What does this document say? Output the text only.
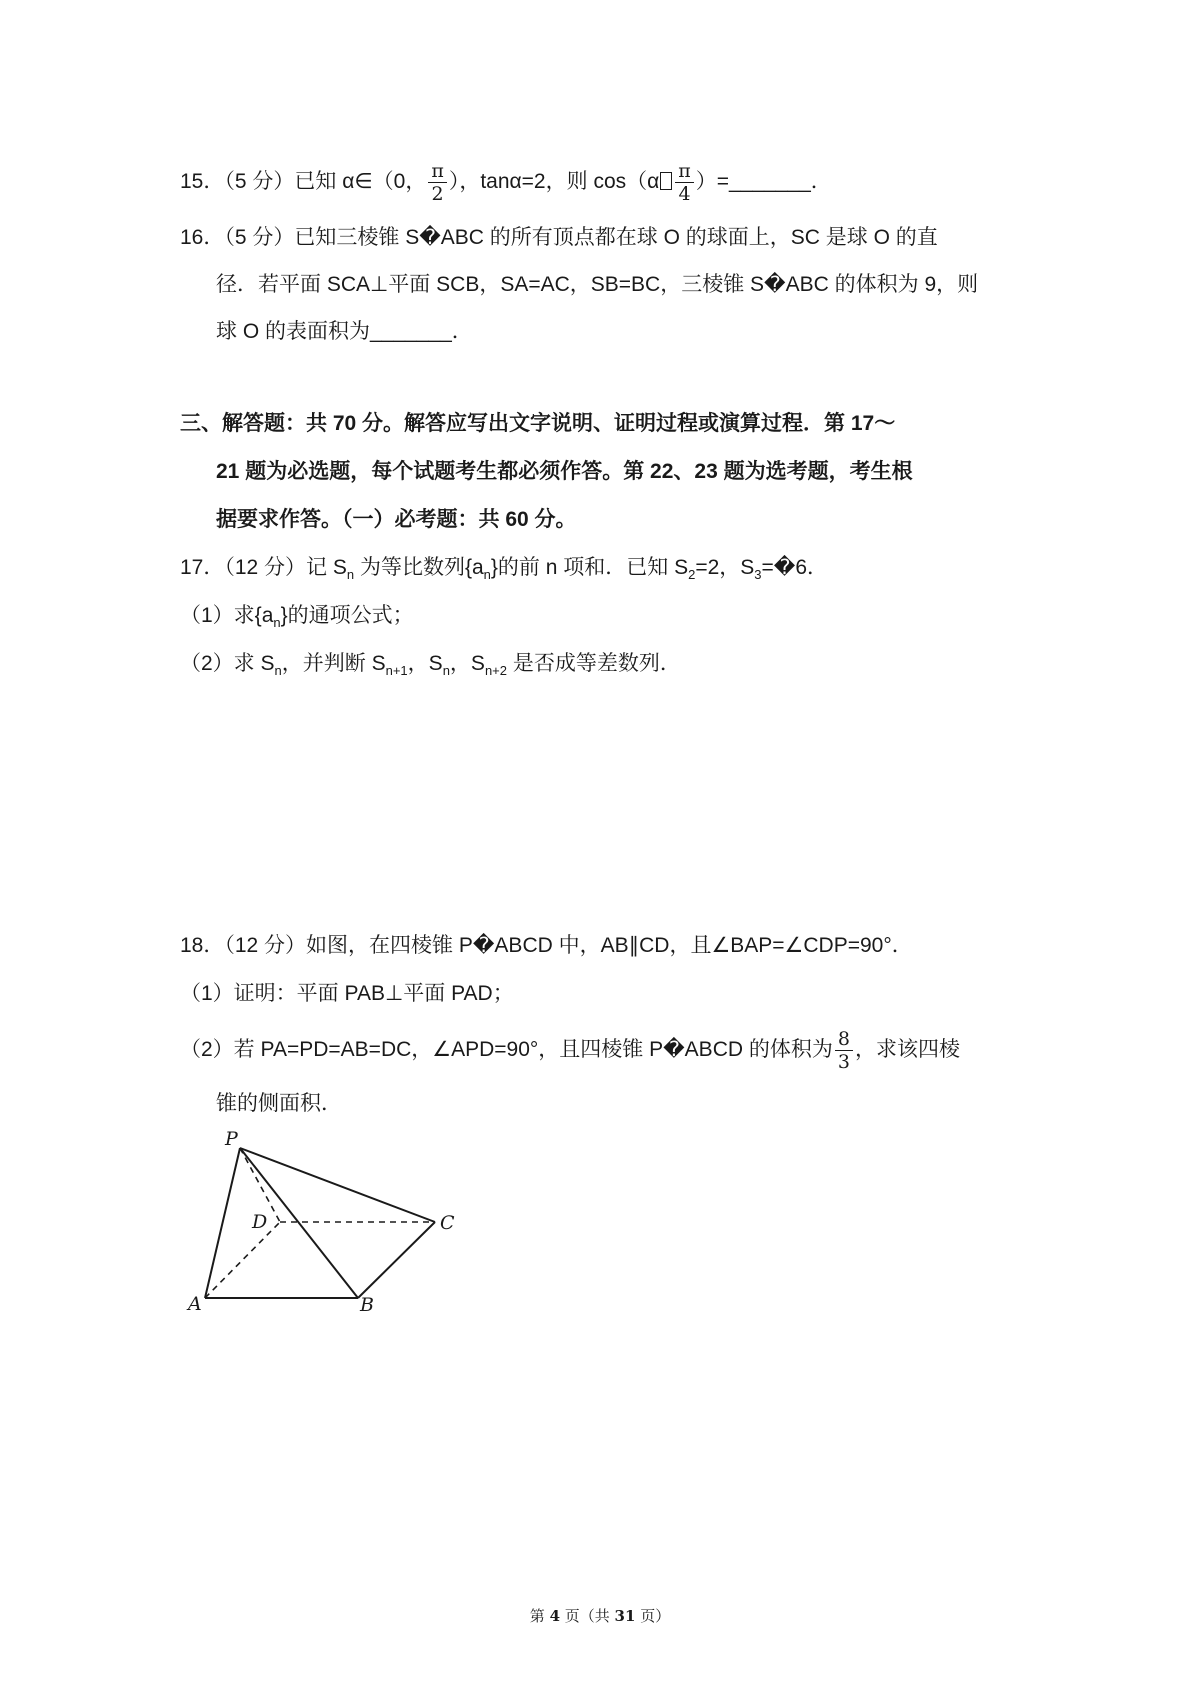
15．（5 分）已知 α∈（0， $\frac{\pi}{2}$ ），tanα=2，则 $\cos(\alpha \frac{\pi}{4}$ ）=_______．
16．（5 分）已知三棱锥 S�ABC 的所有顶点都在球 O 的球面上，SC 是球 O 的直
径．若平面 SCA⊥平面 SCB，SA=AC，SB=BC，三棱锥 S�ABC 的体积为 9，则
球 O 的表面积为_______．
三、解答题：共 70 分。解答应写出文字说明、证明过程或演算过程．第 17～
21 题为必选题，每个试题考生都必须作答。第 22、23 题为选考题，考生根
据要求作答。（一）必考题：共 60 分。
17．（12 分）记 $S_n$ 为等比数列$\{a_n\}$的前 n 项和．已知 $S_2=2$，$S_3=�6$．
（1）求$\{a_n\}$的通项公式；
（2）求 $S_n$，并判断 $S_{n+1}$，$S_n$，$S_{n+2}$ 是否成等差数列．
18．（12 分）如图，在四棱锥 P�ABCD 中，AB∥CD，且∠BAP=∠CDP=90°．
（1）证明：平面 PAB⊥平面 PAD；
（2）若 PA=PD=AB=DC，∠APD=90°，且四棱锥 P�ABCD 的体积为 $\frac{8}{3}$ ，求该四棱
锥的侧面积．
P
D	C
A	B
第 4 页（共 31 页）
